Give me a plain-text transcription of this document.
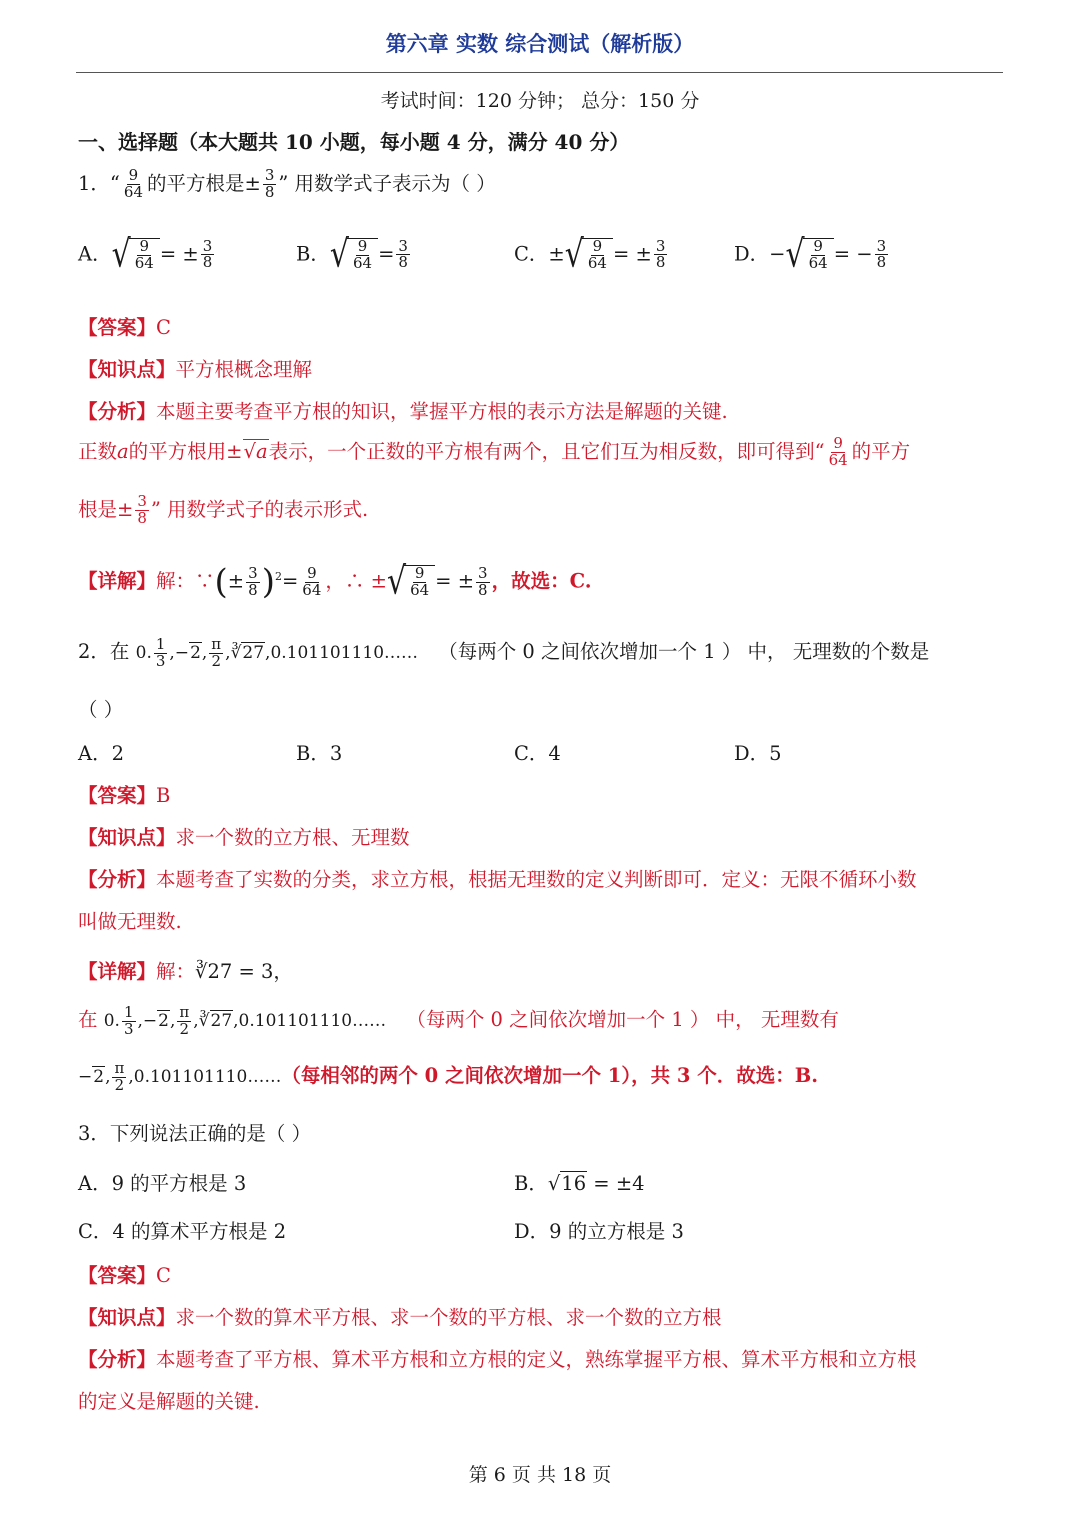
第六章 实数 综合测试（解析版）
考试时间：120 分钟； 总分：150 分
一、选择题（本大题共 10 小题，每小题 4 分，满分 40 分）
1．“ $\frac{9}{64}$ 的平方根是± $\frac{3}{8}$ ” 用数学式子表示为（ ）
A． √ $\frac{9}{64}$ = ± $\frac{3}{8}$	B． √ $\frac{9}{64} = \frac{3}{8}$	C．± √ $\frac{9}{64}$ = ± $\frac{3}{8}$	D．− √ $\frac{9}{64}$ = − $\frac{3}{8}$
【答案】C
【知识点】平方根概念理解
【分析】本题主要考查平方根的知识，掌握平方根的表示方法是解题的关键.
正数a的平方根用±√a表示，一个正数的平方根有两个，且它们互为相反数，即可得到“ $\frac{9}{64}$ 的平方
根是± $\frac{3}{8}$ ” 用数学式子的表示形式.
【详解】解：∵(± $\frac{3}{8} )^2= \frac{9}{64}$ ，∴ ± √ $\frac{9}{64}$ = ± $\frac{3}{8}$ ，故选：C.
2．在 0. $\frac{1}{3} ,-2$, $\frac{\pi}{2}$ ,∛27,0.101101110…… （每两个 0 之间依次增加一个 1 ） 中， 无理数的个数是
（ ）
A．2	B．3	C．4	D．5
【答案】B
【知识点】求一个数的立方根、无理数
【分析】本题考查了实数的分类，求立方根，根据无理数的定义判断即可．定义：无限不循环小数
叫做无理数.
【详解】解：∛27 = 3，
在 0. $\frac{1}{3} ,-2$, $\frac{\pi}{2}$ ,∛27,0.101101110…… （每两个 0 之间依次增加一个 1 ） 中， 无理数有
−2, $\frac{\pi}{2}$ ,0.101101110……（每相邻的两个 0 之间依次增加一个 1），共 3 个．故选：B.
3．下列说法正确的是（ ）
A．9 的平方根是 3	B．√16 = ±4
C．4 的算术平方根是 2	D．9 的立方根是 3
【答案】C
【知识点】求一个数的算术平方根、求一个数的平方根、求一个数的立方根
【分析】本题考查了平方根、算术平方根和立方根的定义，熟练掌握平方根、算术平方根和立方根
的定义是解题的关键.
第 6 页 共 18 页
